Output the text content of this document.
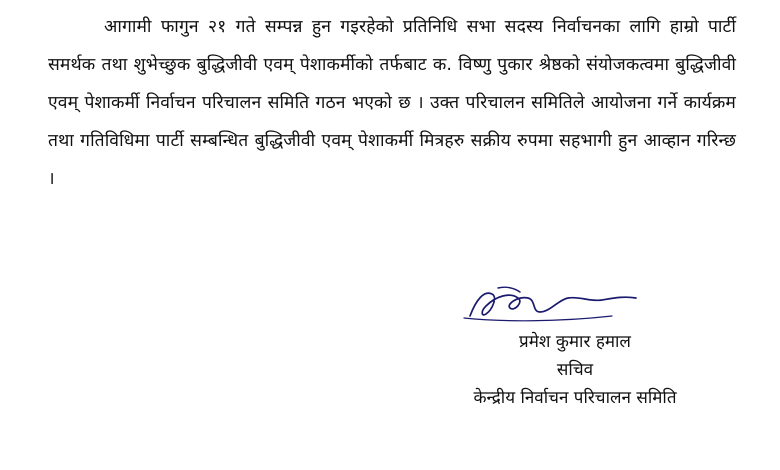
आगामी फागुन २१ गते सम्पन्न हुन गइरहेको प्रतिनिधि सभा सदस्य निर्वाचनका लागि हाम्रो पार्टी समर्थक तथा शुभेच्छुक बुद्धिजीवी एवम् पेशाकर्मीको तर्फबाट क. विष्णु पुकार श्रेष्ठको संयोजकत्वमा बुद्धिजीवी एवम् पेशाकर्मी निर्वाचन परिचालन समिति गठन भएको छ । उक्त परिचालन समितिले आयोजना गर्ने कार्यक्रम तथा गतिविधिमा पार्टी सम्बन्धित बुद्धिजीवी एवम् पेशाकर्मी मित्रहरु सक्रीय रुपमा सहभागी हुन आव्हान गरिन्छ ।

प्रमेश कुमार हमाल
सचिव
केन्द्रीय निर्वाचन परिचालन समिति
